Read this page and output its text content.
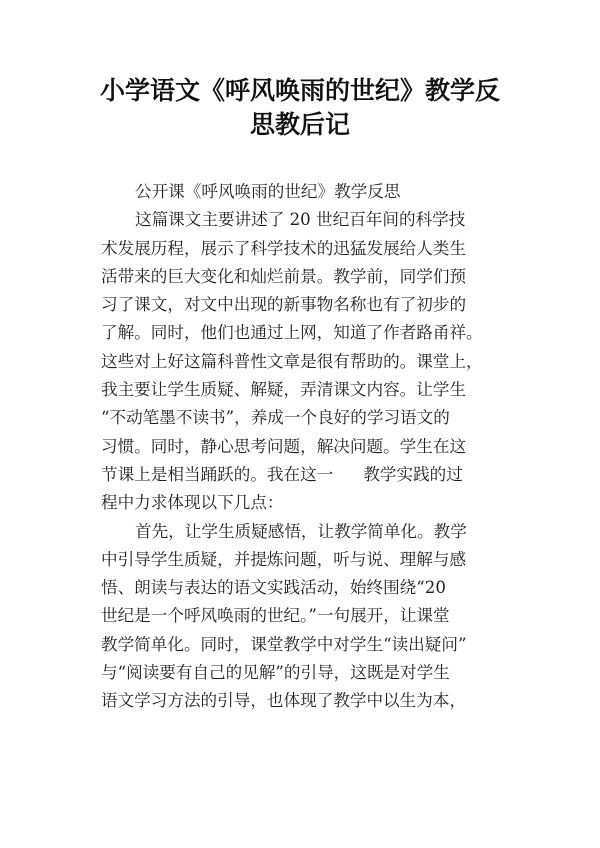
小学语文《呼风唤雨的世纪》教学反
思教后记
公开课《呼风唤雨的世纪》教学反思
这篇课文主要讲述了 20 世纪百年间的科学技
术发展历程，展示了科学技术的迅猛发展给人类生
活带来的巨大变化和灿烂前景。教学前，同学们预
习了课文，对文中出现的新事物名称也有了初步的
了解。同时，他们也通过上网，知道了作者路甬祥。
这些对上好这篇科普性文章是很有帮助的。课堂上，
我主要让学生质疑、解疑，弄清课文内容。让学生
“不动笔墨不读书”，养成一个良好的学习语文的
习惯。同时，静心思考问题，解决问题。学生在这
节课上是相当踊跃的。我在这一 教学实践的过
程中力求体现以下几点：
首先，让学生质疑感悟，让教学简单化。教学
中引导学生质疑，并提炼问题，听与说、理解与感
悟、朗读与表达的语文实践活动，始终围绕“20
世纪是一个呼风唤雨的世纪。”一句展开，让课堂
教学简单化。同时，课堂教学中对学生“读出疑问”
与“阅读要有自己的见解”的引导，这既是对学生
语文学习方法的引导，也体现了教学中以生为本，
